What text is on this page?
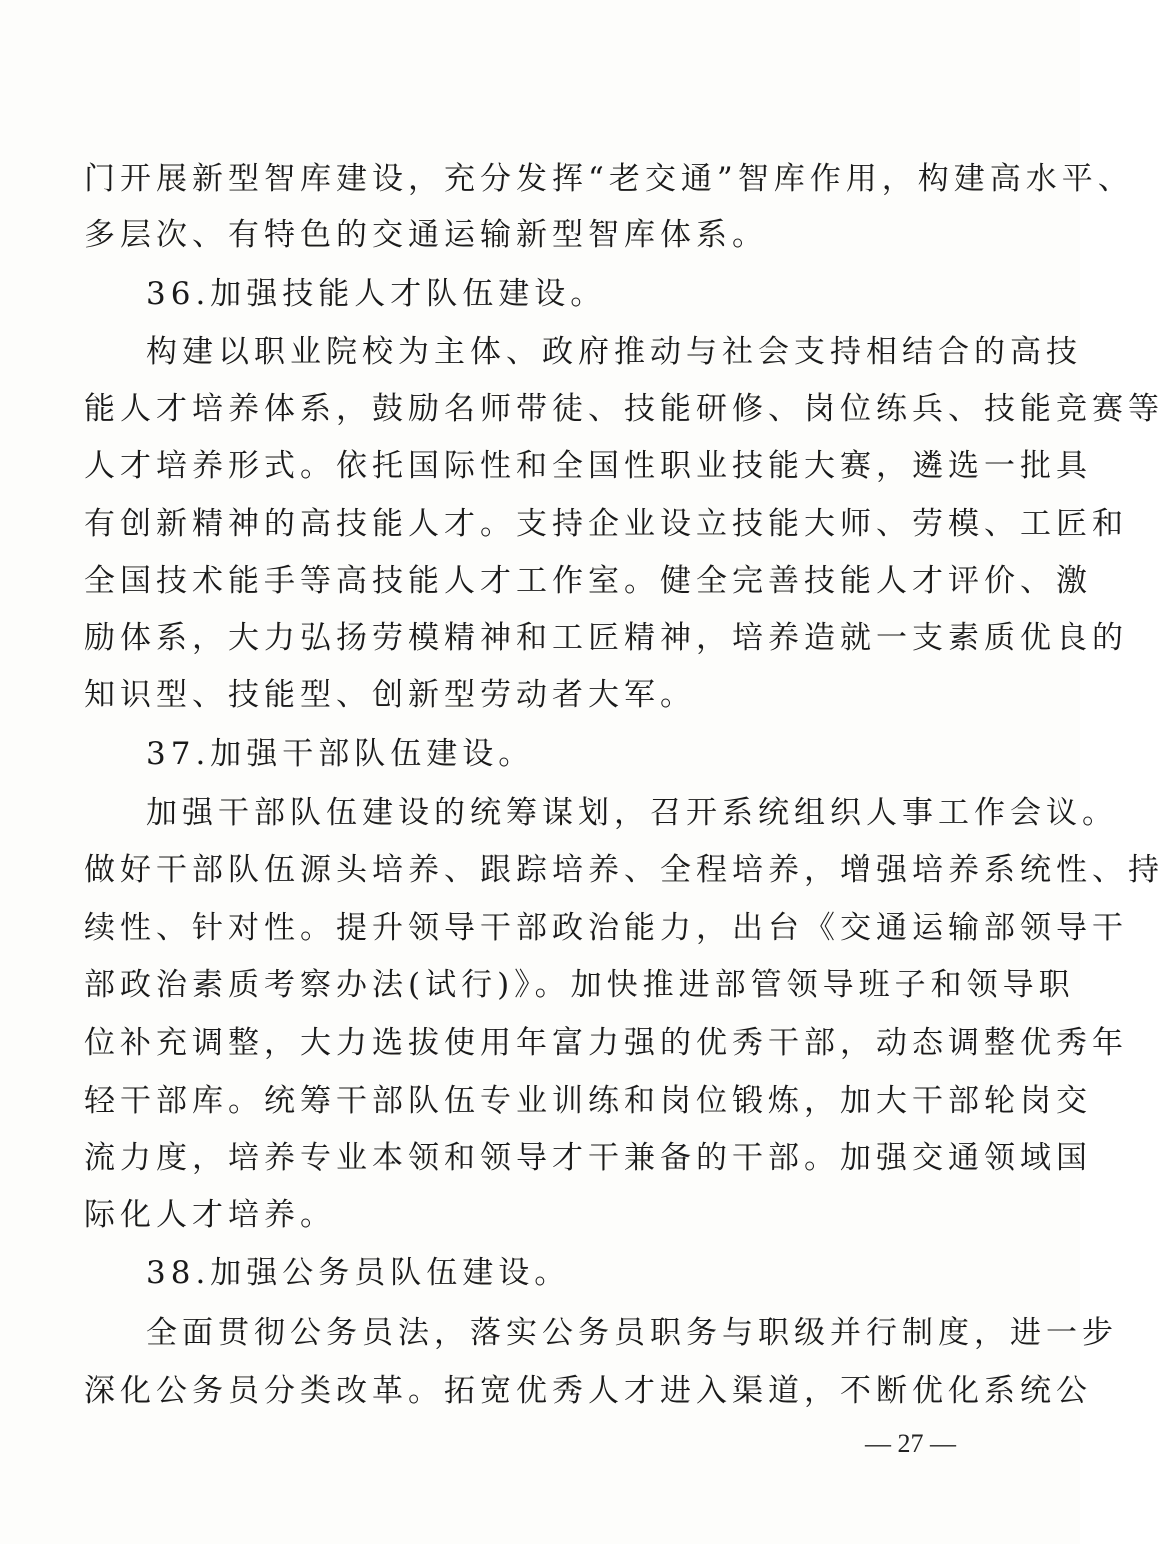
门开展新型智库建设，充分发挥“老交通”智库作用，构建高水平、
多层次、有特色的交通运输新型智库体系。
36.加强技能人才队伍建设。
构建以职业院校为主体、政府推动与社会支持相结合的高技
能人才培养体系，鼓励名师带徒、技能研修、岗位练兵、技能竞赛等
人才培养形式。依托国际性和全国性职业技能大赛，遴选一批具
有创新精神的高技能人才。支持企业设立技能大师、劳模、工匠和
全国技术能手等高技能人才工作室。健全完善技能人才评价、激
励体系，大力弘扬劳模精神和工匠精神，培养造就一支素质优良的
知识型、技能型、创新型劳动者大军。
37.加强干部队伍建设。
加强干部队伍建设的统筹谋划，召开系统组织人事工作会议。
做好干部队伍源头培养、跟踪培养、全程培养，增强培养系统性、持
续性、针对性。提升领导干部政治能力，出台《交通运输部领导干
部政治素质考察办法(试行)》。加快推进部管领导班子和领导职
位补充调整，大力选拔使用年富力强的优秀干部，动态调整优秀年
轻干部库。统筹干部队伍专业训练和岗位锻炼，加大干部轮岗交
流力度，培养专业本领和领导才干兼备的干部。加强交通领域国
际化人才培养。
38.加强公务员队伍建设。
全面贯彻公务员法，落实公务员职务与职级并行制度，进一步
深化公务员分类改革。拓宽优秀人才进入渠道，不断优化系统公
— 27 —
